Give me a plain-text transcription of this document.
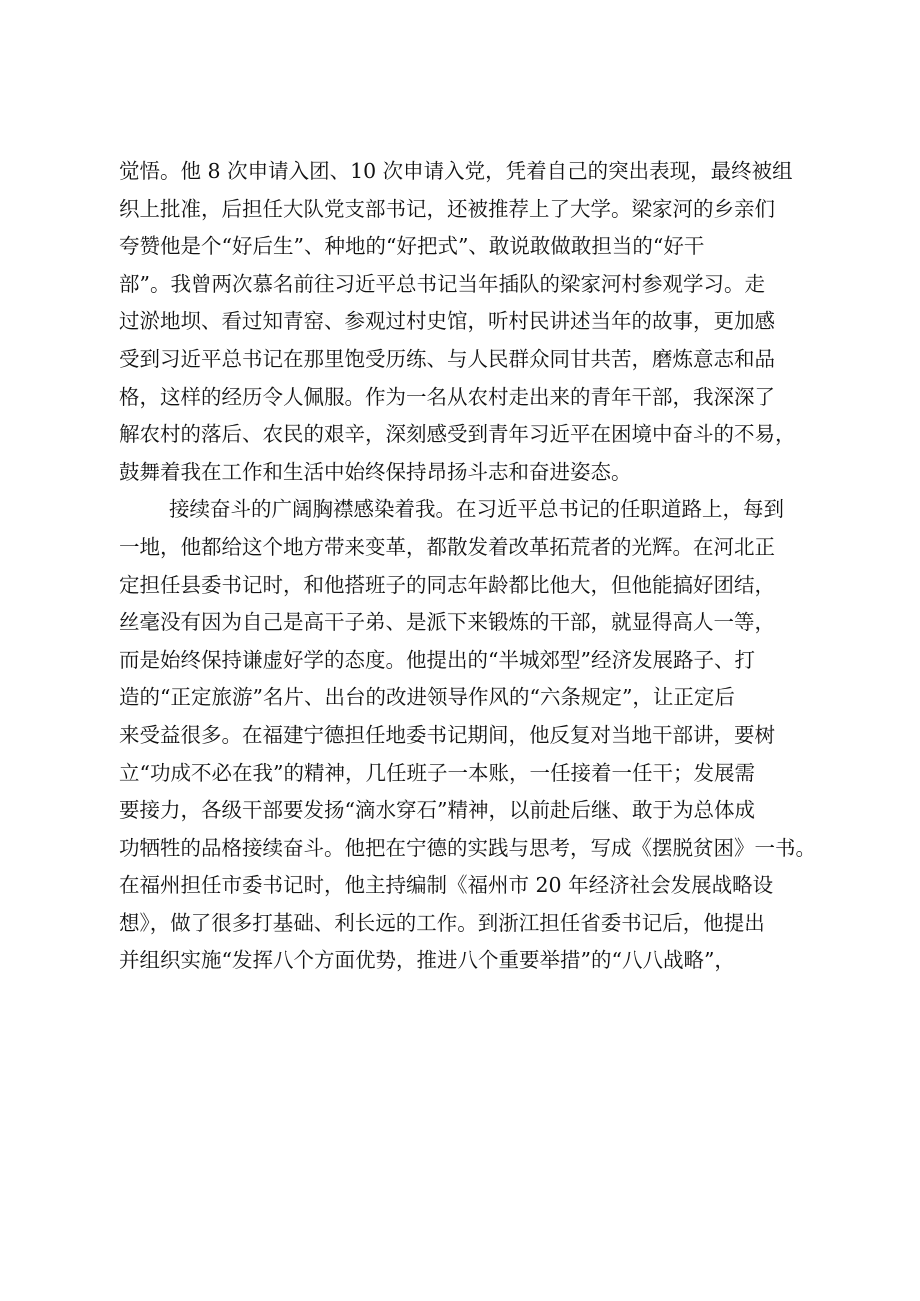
觉悟。他 8 次申请入团、10 次申请入党，凭着自己的突出表现，最终被组
织上批准，后担任大队党支部书记，还被推荐上了大学。梁家河的乡亲们
夸赞他是个“好后生”、种地的“好把式”、敢说敢做敢担当的“好干
部”。我曾两次慕名前往习近平总书记当年插队的梁家河村参观学习。走
过淤地坝、看过知青窑、参观过村史馆，听村民讲述当年的故事，更加感
受到习近平总书记在那里饱受历练、与人民群众同甘共苦，磨炼意志和品
格，这样的经历令人佩服。作为一名从农村走出来的青年干部，我深深了
解农村的落后、农民的艰辛，深刻感受到青年习近平在困境中奋斗的不易，
鼓舞着我在工作和生活中始终保持昂扬斗志和奋进姿态。

接续奋斗的广阔胸襟感染着我。在习近平总书记的任职道路上，每到
一地，他都给这个地方带来变革，都散发着改革拓荒者的光辉。在河北正
定担任县委书记时，和他搭班子的同志年龄都比他大，但他能搞好团结，
丝毫没有因为自己是高干子弟、是派下来锻炼的干部，就显得高人一等，
而是始终保持谦虚好学的态度。他提出的“半城郊型”经济发展路子、打
造的“正定旅游”名片、出台的改进领导作风的“六条规定”，让正定后
来受益很多。在福建宁德担任地委书记期间，他反复对当地干部讲，要树
立“功成不必在我”的精神，几任班子一本账，一任接着一任干；发展需
要接力，各级干部要发扬“滴水穿石”精神，以前赴后继、敢于为总体成
功牺牲的品格接续奋斗。他把在宁德的实践与思考，写成《摆脱贫困》一书。
在福州担任市委书记时，他主持编制《福州市 20 年经济社会发展战略设
想》，做了很多打基础、利长远的工作。到浙江担任省委书记后，他提出
并组织实施“发挥八个方面优势，推进八个重要举措”的“八八战略”，
